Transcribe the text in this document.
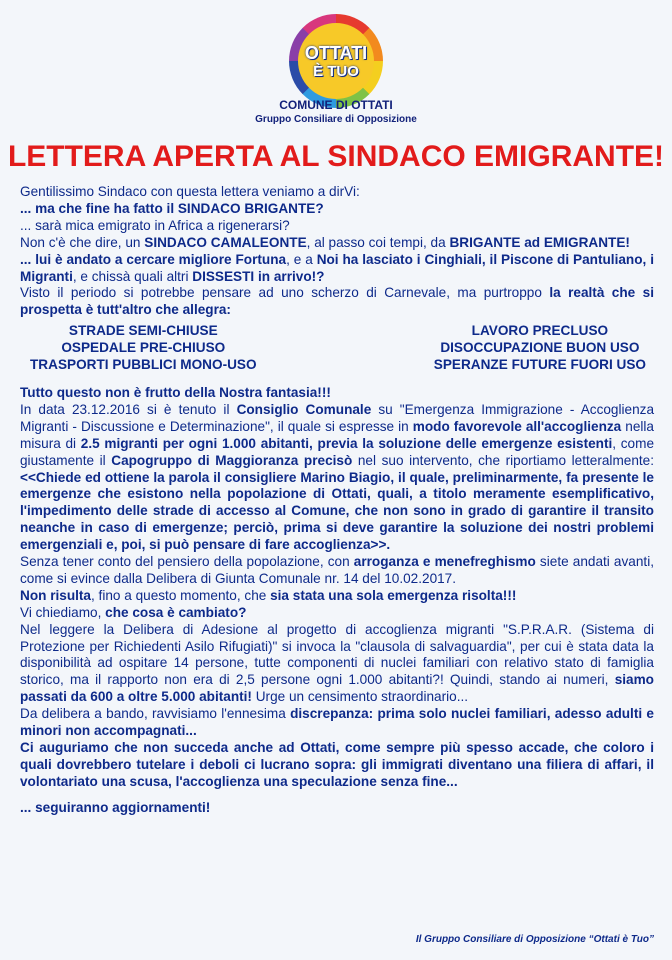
OTTATI
È TUO
COMUNE DI OTTATI
Gruppo Consiliare di Opposizione
LETTERA APERTA AL SINDACO EMIGRANTE!

Gentilissimo Sindaco con questa lettera veniamo a dirVi:

... ma che fine ha fatto il SINDACO BRIGANTE?

... sarà mica emigrato in Africa a rigenerarsi?

Non c'è che dire, un SINDACO CAMALEONTE, al passo coi tempi, da BRIGANTE ad EMIGRANTE!

... lui è andato a cercare migliore Fortuna, e a Noi ha lasciato i Cinghiali, il Piscone di Pantuliano, i Migranti, e chissà quali altri DISSESTI in arrivo!?

Visto il periodo si potrebbe pensare ad uno scherzo di Carnevale, ma purtroppo la realtà che si prospetta è tutt'altro che allegra:

STRADE SEMI-CHIUSE
OSPEDALE PRE-CHIUSO
TRASPORTI PUBBLICI MONO-USO
LAVORO PRECLUSO
DISOCCUPAZIONE BUON USO
SPERANZE FUTURE FUORI USO

Tutto questo non è frutto della Nostra fantasia!!!

In data 23.12.2016 si è tenuto il Consiglio Comunale su "Emergenza Immigrazione - Accoglienza Migranti - Discussione e Determinazione", il quale si espresse in modo favorevole all'accoglienza nella misura di 2.5 migranti per ogni 1.000 abitanti, previa la soluzione delle emergenze esistenti, come giustamente il Capogruppo di Maggioranza precisò nel suo intervento, che riportiamo letteralmente: <<Chiede ed ottiene la parola il consigliere Marino Biagio, il quale, preliminarmente, fa presente le emergenze che esistono nella popolazione di Ottati, quali, a titolo meramente esemplificativo, l'impedimento delle strade di accesso al Comune, che non sono in grado di garantire il transito neanche in caso di emergenze; perciò, prima si deve garantire la soluzione dei nostri problemi emergenziali e, poi, si può pensare di fare accoglienza>>.

Senza tener conto del pensiero della popolazione, con arroganza e menefreghismo siete andati avanti, come si evince dalla Delibera di Giunta Comunale nr. 14 del 10.02.2017.

Non risulta, fino a questo momento, che sia stata una sola emergenza risolta!!!

Vi chiediamo, che cosa è cambiato?

Nel leggere la Delibera di Adesione al progetto di accoglienza migranti "S.P.R.A.R. (Sistema di Protezione per Richiedenti Asilo Rifugiati)" si invoca la "clausola di salvaguardia", per cui è stata data la disponibilità ad ospitare 14 persone, tutte componenti di nuclei familiari con relativo stato di famiglia storico, ma il rapporto non era di 2,5 persone ogni 1.000 abitanti?! Quindi, stando ai numeri, siamo passati da 600 a oltre 5.000 abitanti! Urge un censimento straordinario...

Da delibera a bando, ravvisiamo l'ennesima discrepanza: prima solo nuclei familiari, adesso adulti e minori non accompagnati...

Ci auguriamo che non succeda anche ad Ottati, come sempre più spesso accade, che coloro i quali dovrebbero tutelare i deboli ci lucrano sopra: gli immigrati diventano una filiera di affari, il volontariato una scusa, l'accoglienza una speculazione senza fine...

... seguiranno aggiornamenti!

Il Gruppo Consiliare di Opposizione “Ottati è Tuo”
